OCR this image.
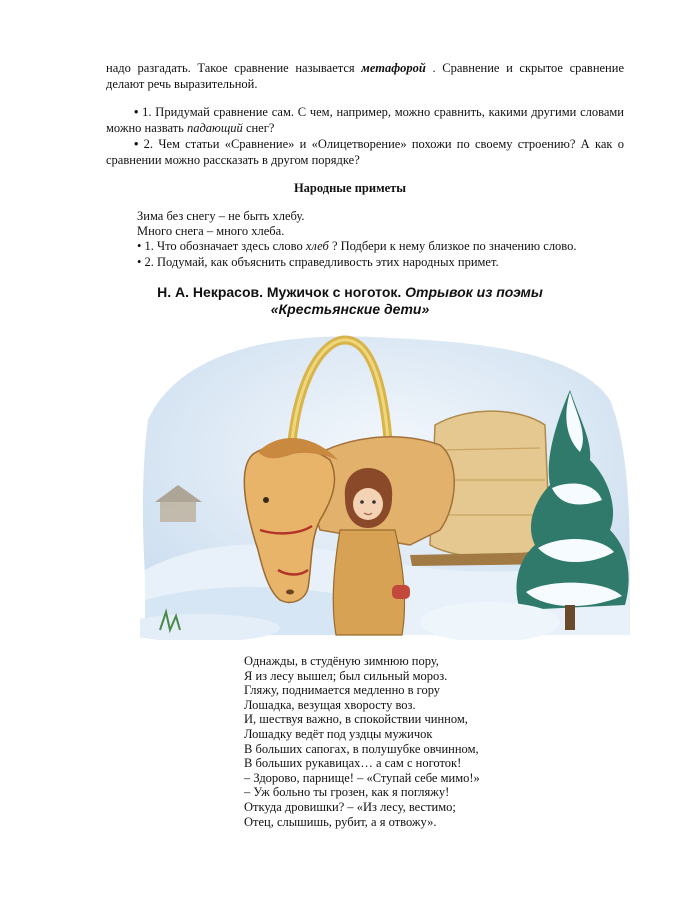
надо разгадать. Такое сравнение называется метафорой . Сравнение и скрытое сравнение делают речь выразительной.

• 1. Придумай сравнение сам. С чем, например, можно сравнить, какими другими словами можно назвать падающий снег?

• 2. Чем статьи «Сравнение» и «Олицетворение» похожи по своему строению? А как о сравнении можно рассказать в другом порядке?

Народные приметы
Зима без снегу – не быть хлебу.
Много снега – много хлеба.
• 1. Что обозначает здесь слово хлеб ? Подбери к нему близкое по значению слово.
• 2. Подумай, как объяснить справедливость этих народных примет.
Н. А. Некрасов. Мужичок с ноготок. Отрывок из поэмы «Крестьянские дети»
Однажды, в студёную зимнюю пору,
Я из лесу вышел; был сильный мороз.
Гляжу, поднимается медленно в гору
Лошадка, везущая хворосту воз.
И, шествуя важно, в спокойствии чинном,
Лошадку ведёт под уздцы мужичок
В больших сапогах, в полушубке овчинном,
В больших рукавицах… а сам с ноготок!
– Здорово, парнище! – «Ступай себе мимо!»
– Уж больно ты грозен, как я погляжу!
Откуда дровишки? – «Из лесу, вестимо;
Отец, слышишь, рубит, а я отвожу».
